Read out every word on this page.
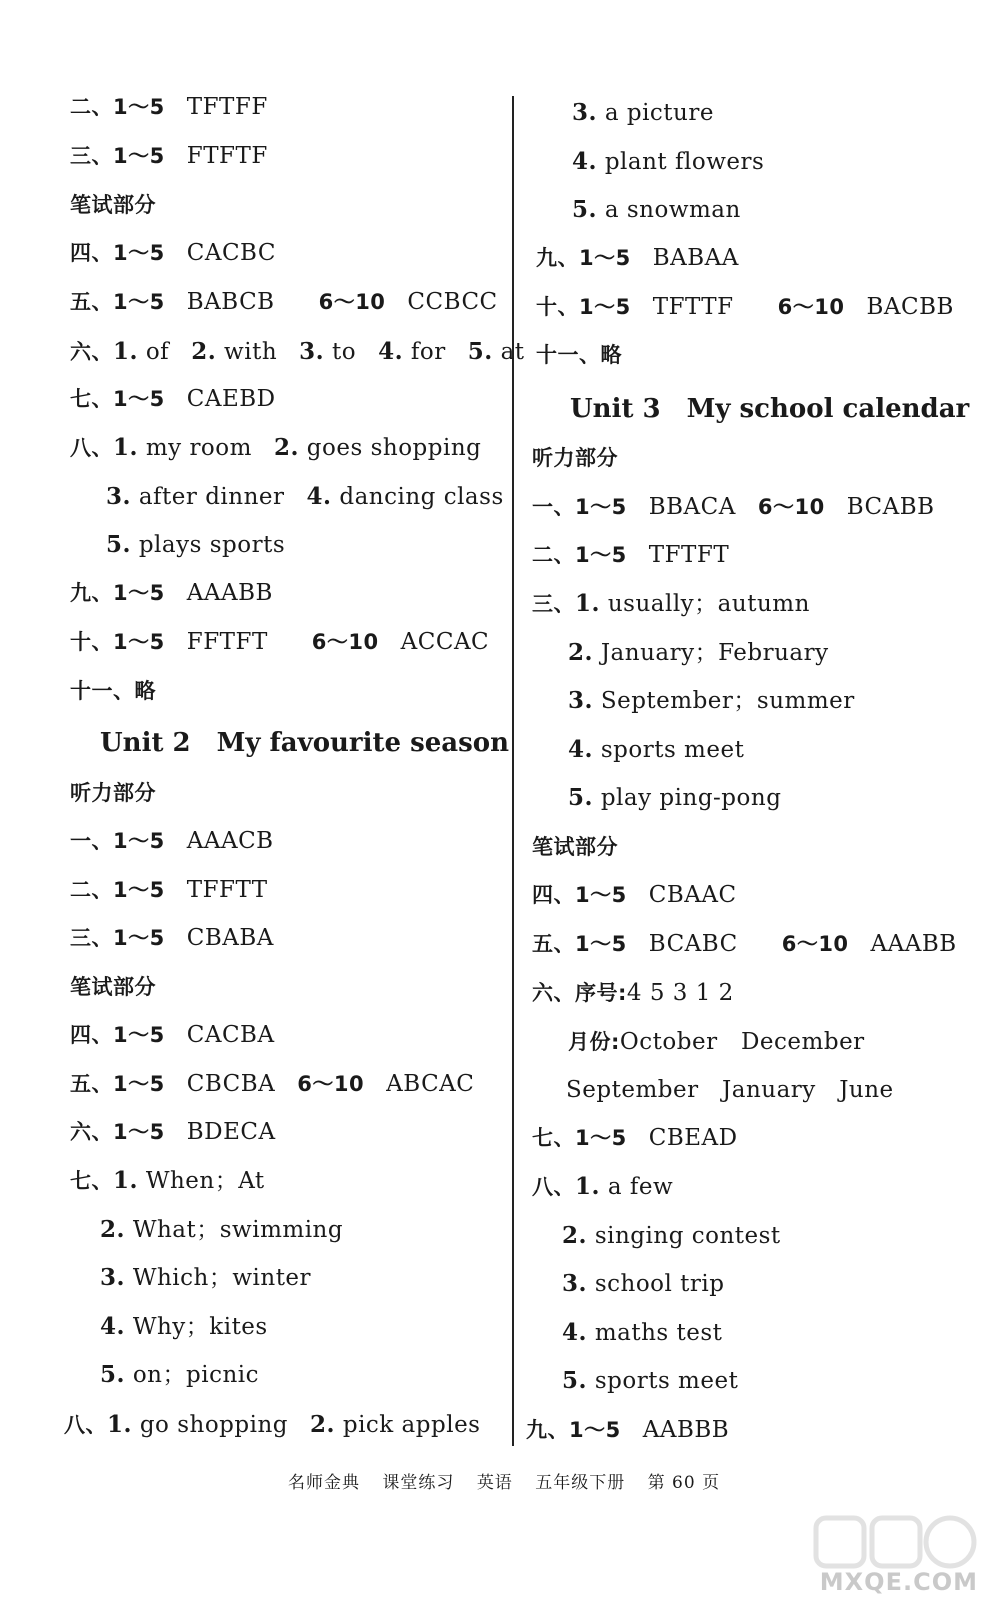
二、1～5 TFTFF
三、1～5 FTFTF
笔试部分
四、1～5 CACBC
五、1～5 BABCB 6～10 CCBCC
六、1. of 2. with 3. to 4. for 5. at
七、1～5 CAEBD
八、1. my room 2. goes shopping
3. after dinner 4. dancing class
5. plays sports
九、1～5 AAABB
十、1～5 FFTFT 6～10 ACCAC
十一、略
Unit 2 My favourite season
听力部分
一、1～5 AAACB
二、1～5 TFFTT
三、1～5 CBABA
笔试部分
四、1～5 CACBA
五、1～5 CBCBA 6～10 ABCAC
六、1～5 BDECA
七、1. When；At
2. What；swimming
3. Which；winter
4. Why；kites
5. on；picnic
八、1. go shopping 2. pick apples
3. a picture
4. plant flowers
5. a snowman
九、1～5 BABAA
十、1～5 TFTTF 6～10 BACBB
十一、略
Unit 3 My school calendar
听力部分
一、1～5 BBACA 6～10 BCABB
二、1～5 TFTFT
三、1. usually；autumn
2. January；February
3. September；summer
4. sports meet
5. play ping-pong
笔试部分
四、1～5 CBAAC
五、1～5 BCABC 6～10 AAABB
六、序号:4 5 3 1 2
月份:October   December
September   January   June
七、1～5 CBEAD
八、1. a few
2. singing contest
3. school trip
4. maths test
5. sports meet
九、1～5 AABBB
名师金典 课堂练习 英语 五年级下册 第 60 页
MXQE.COM
